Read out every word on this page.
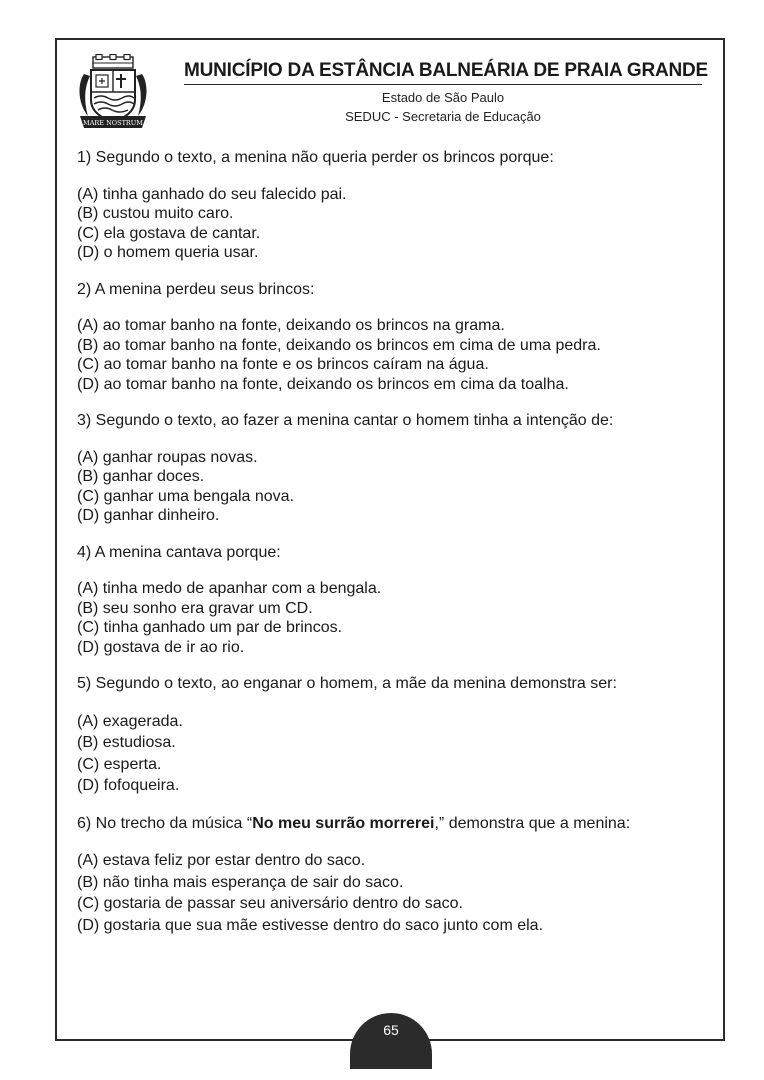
MARE NOSTRUM
MUNICÍPIO DA ESTÂNCIA BALNEÁRIA DE PRAIA GRANDE
Estado de São Paulo
SEDUC - Secretaria de Educação

1) Segundo o texto, a menina não queria perder os brincos porque:

(A) tinha ganhado do seu falecido pai.

(B) custou muito caro.

(C) ela gostava de cantar.

(D) o homem queria usar.

2) A menina perdeu seus brincos:

(A) ao tomar banho na fonte, deixando os brincos na grama.

(B) ao tomar banho na fonte, deixando os brincos em cima de uma pedra.

(C) ao tomar banho na fonte e os brincos caíram na água.

(D) ao tomar banho na fonte, deixando os brincos em cima da toalha.

3) Segundo o texto, ao fazer a menina cantar o homem tinha a intenção de:

(A) ganhar roupas novas.

(B) ganhar doces.

(C) ganhar uma bengala nova.

(D) ganhar dinheiro.

4) A menina cantava porque:

(A) tinha medo de apanhar com a bengala.

(B) seu sonho era gravar um CD.

(C) tinha ganhado um par de brincos.

(D) gostava de ir ao rio.

5) Segundo o texto, ao enganar o homem, a mãe da menina demonstra ser:

(A) exagerada.

(B) estudiosa.

(C) esperta.

(D) fofoqueira.

6) No trecho da música “No meu surrão morrerei,” demonstra que a menina:

(A) estava feliz por estar dentro do saco.

(B) não tinha mais esperança de sair do saco.

(C) gostaria de passar seu aniversário dentro do saco.

(D) gostaria que sua mãe estivesse dentro do saco junto com ela.

65
